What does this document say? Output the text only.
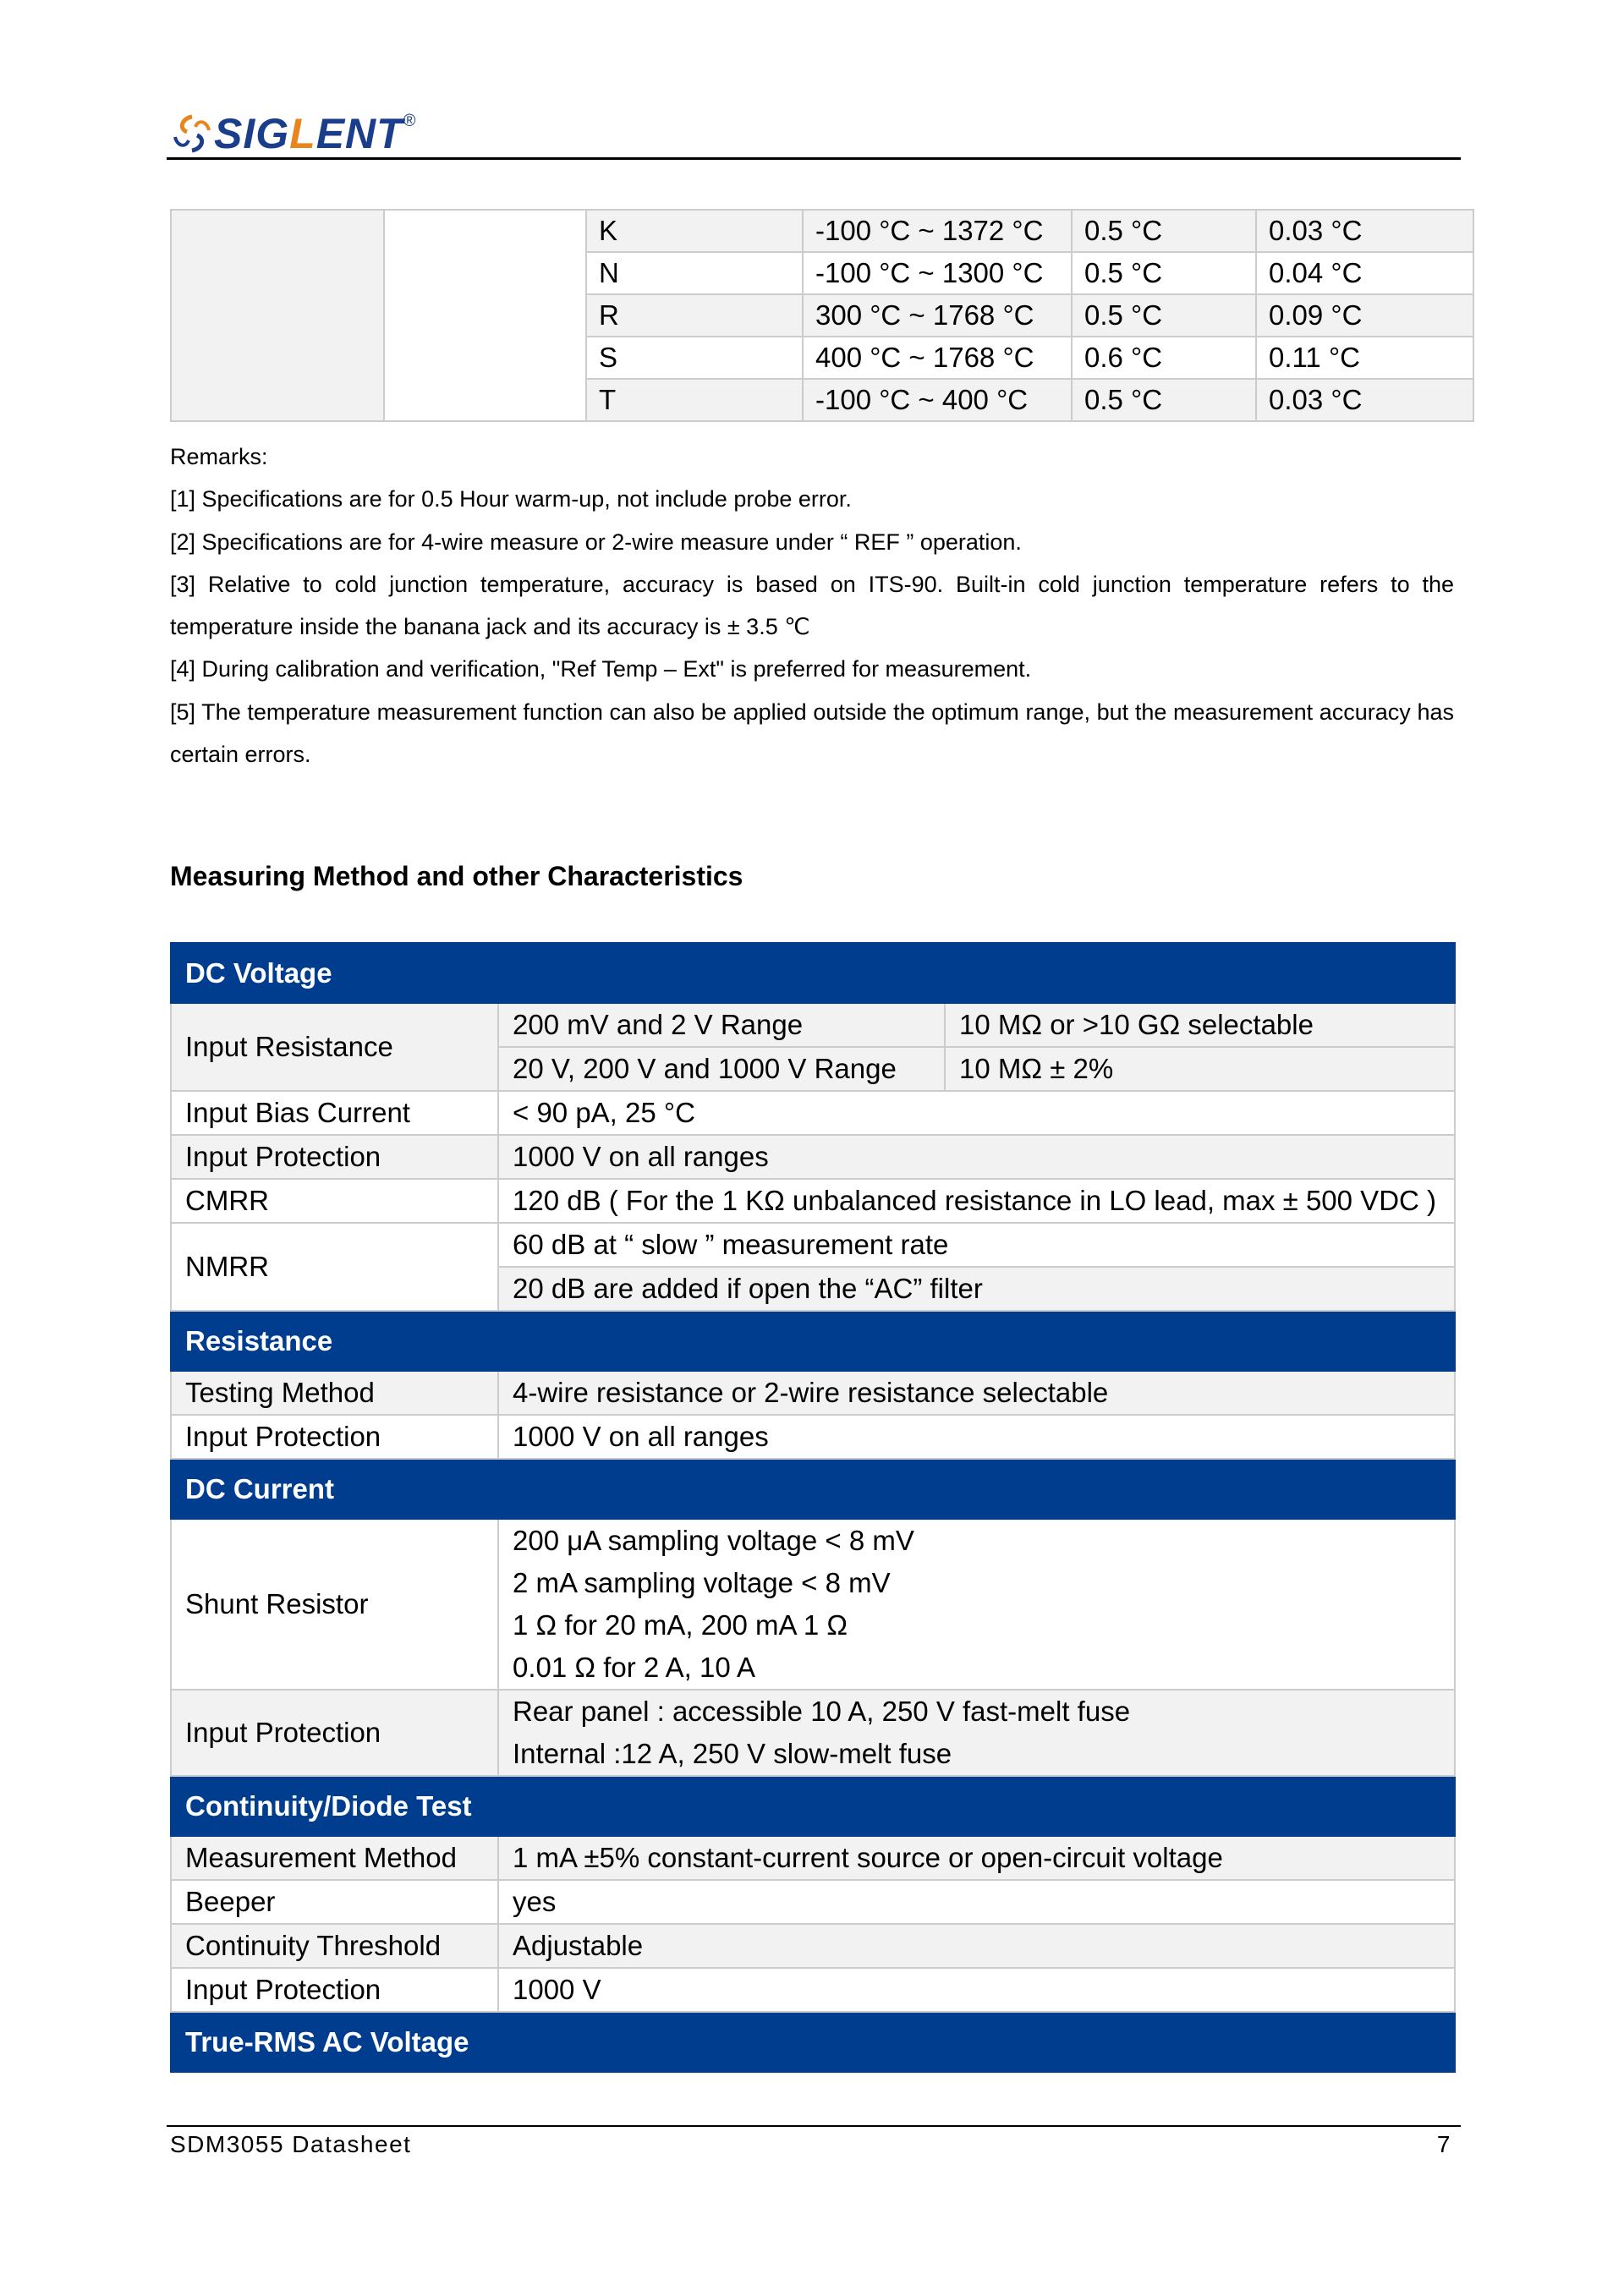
SIGLENT ®
		K	-100 °C ~ 1372 °C	0.5 °C	0.03 °C
		N	-100 °C ~ 1300 °C	0.5 °C	0.04 °C
		R	300 °C ~ 1768 °C	0.5 °C	0.09 °C
		S	400 °C ~ 1768 °C	0.6 °C	0.11 °C
		T	-100 °C ~ 400 °C	0.5 °C	0.03 °C

Remarks:

[1] Specifications are for 0.5 Hour warm-up, not include probe error.

[2] Specifications are for 4-wire measure or 2-wire measure under “ REF ” operation.

[3] Relative to cold junction temperature, accuracy is based on ITS-90. Built-in cold junction temperature refers to the temperature inside the banana jack and its accuracy is ± 3.5 ℃

[4] During calibration and verification, "Ref Temp – Ext" is preferred for measurement.

[5] The temperature measurement function can also be applied outside the optimum range, but the measurement accuracy has certain errors.

Measuring Method and other Characteristics
DC Voltage		
Input Resistance	200 mV and 2 V Range	10 MΩ or >10 GΩ selectable

	20 V, 200 V and 1000 V Range	10 MΩ ± 2%

Input Bias Current	< 90 pA, 25 °C	

Input Protection	1000 V on all ranges	

CMRR	120 dB ( For the 1 KΩ unbalanced resistance in LO lead, max ± 500 VDC )	

NMRR	60 dB at “ slow ” measurement rate	

	20 dB are added if open the “AC” filter	

Resistance		
Testing Method	4-wire resistance or 2-wire resistance selectable	

Input Protection	1000 V on all ranges	

DC Current		
Shunt Resistor	200 μA sampling voltage < 8 mV
2 mA sampling voltage < 8 mV
1 Ω for 20 mA, 200 mA 1 Ω
0.01 Ω for 2 A, 10 A	

Input Protection	Rear panel : accessible 10 A, 250 V fast-melt fuse
Internal :12 A, 250 V slow-melt fuse	

Continuity/Diode Test		
Measurement Method	1 mA ±5% constant-current source or open-circuit voltage	

Beeper	yes	

Continuity Threshold	Adjustable	

Input Protection	1000 V	

True-RMS AC Voltage		
SDM3055 Datasheet	7
